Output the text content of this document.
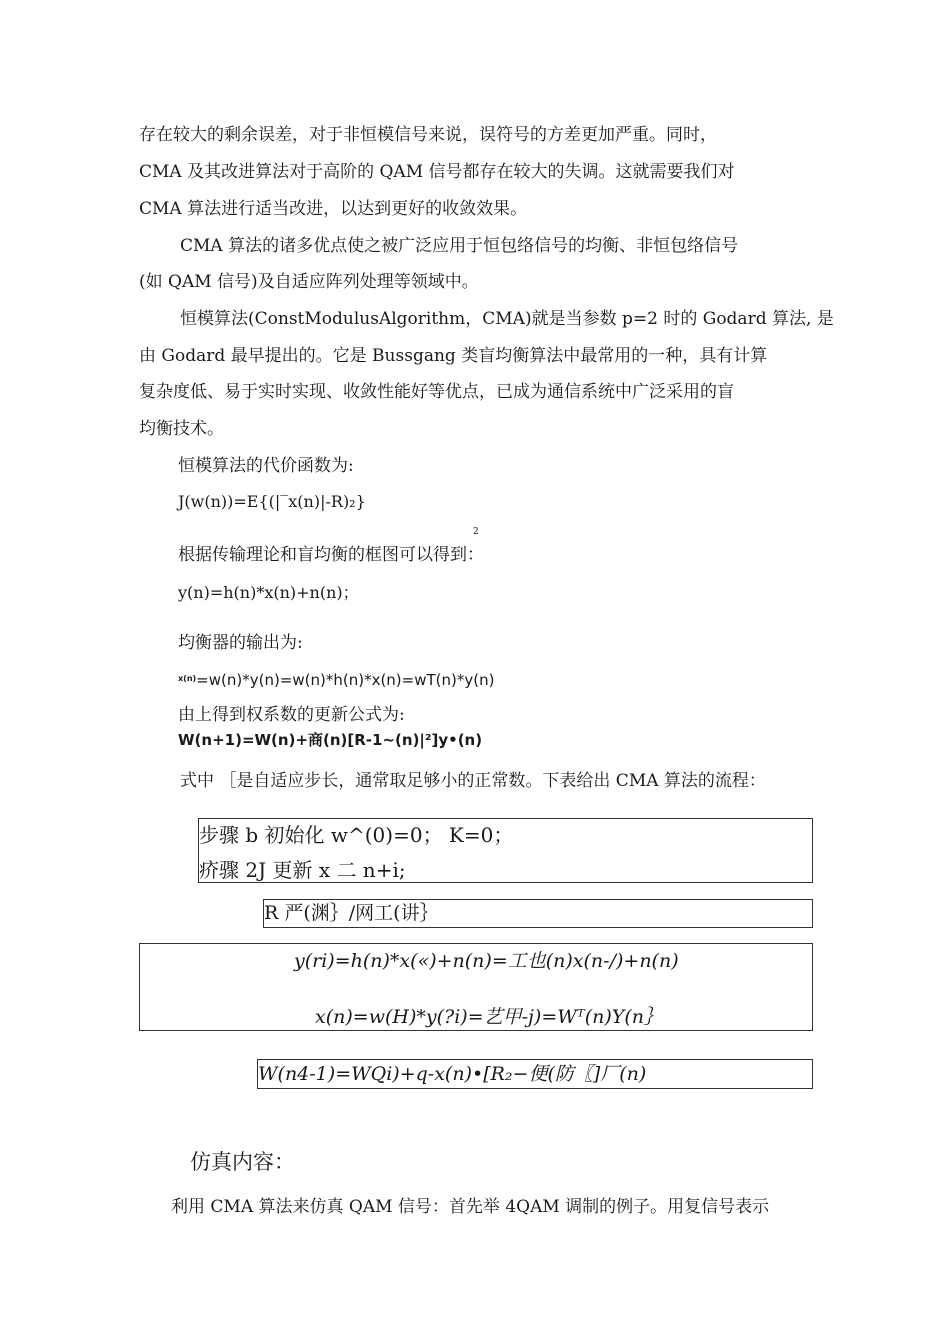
存在较大的剩余误差，对于非恒模信号来说，误符号的方差更加严重。同时，
CMA 及其改进算法对于高阶的 QAM 信号都存在较大的失调。这就需要我们对
CMA 算法进行适当改进，以达到更好的收敛效果。
CMA 算法的诸多优点使之被广泛应用于恒包络信号的均衡、非恒包络信号
(如 QAM 信号)及自适应阵列处理等领域中。
恒模算法(ConstModulusAlgorithm，CMA)就是当参数 p=2 时的 Godard 算法, 是
由 Godard 最早提出的。它是 Bussgang 类盲均衡算法中最常用的一种，具有计算
复杂度低、易于实时实现、收敛性能好等优点，已成为通信系统中广泛采用的盲
均衡技术。
恒模算法的代价函数为:
J(w(n))=E{(|‾x(n)|-R)₂}
2
根据传输理论和盲均衡的框图可以得到：
y(n)=h(n)*x(n)+n(n)；
均衡器的输出为:
$^{x(n)}$=w(n)*y(n)=w(n)*h(n)*x(n)=wT(n)*y(n)
由上得到权系数的更新公式为:
W(n+1)=W(n)+商(n)[R-1~(n)|²]y•(n)
式中 ［是自适应步长，通常取足够小的正常数。下表给出 CMA 算法的流程：
步骤 b 初始化 w^(0)=0； K=0；
疥骤 2J 更新 x 二 n+i;
R 严(渊｝/网工(讲｝
y(ri)=h(n)*x(«)+n(n)=工也(n)x(n-/)+n(n)
x(n)=w(H)*y(?i)=艺甲-j)=Wᵀ(n)Y(n｝
W(n4-1)=WQi)+q-x(n)•[R₂−便(防〖]厂(n)
仿真内容：
利用 CMA 算法来仿真 QAM 信号：首先举 4QAM 调制的例子。用复信号表示
